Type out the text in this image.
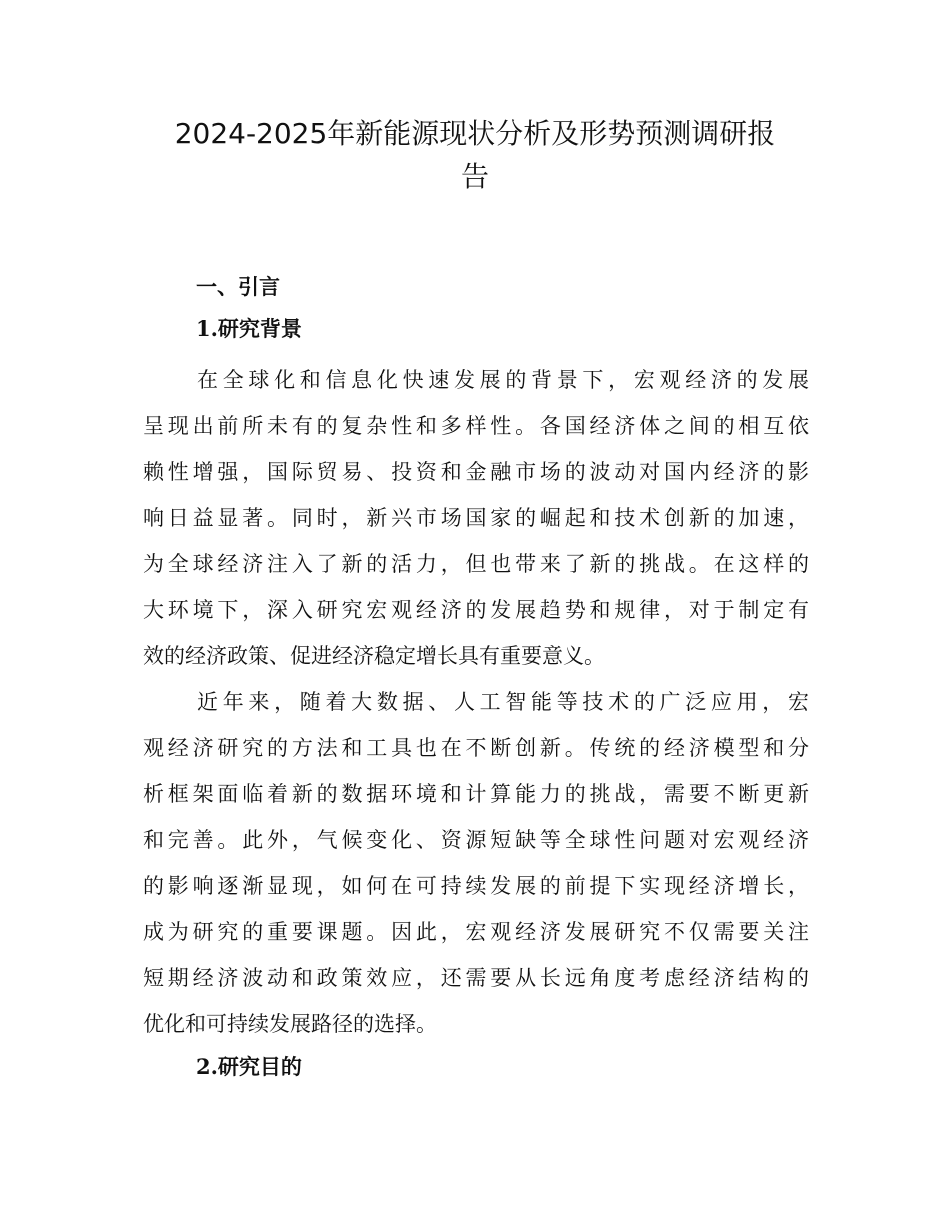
2024-2025年新能源现状分析及形势预测调研报
告
一、引言
1.研究背景
在全球化和信息化快速发展的背景下，宏观经济的发展
呈现出前所未有的复杂性和多样性。各国经济体之间的相互依
赖性增强，国际贸易、投资和金融市场的波动对国内经济的影
响日益显著。同时，新兴市场国家的崛起和技术创新的加速，
为全球经济注入了新的活力，但也带来了新的挑战。在这样的
大环境下，深入研究宏观经济的发展趋势和规律，对于制定有
效的经济政策、促进经济稳定增长具有重要意义。
近年来，随着大数据、人工智能等技术的广泛应用，宏
观经济研究的方法和工具也在不断创新。传统的经济模型和分
析框架面临着新的数据环境和计算能力的挑战，需要不断更新
和完善。此外，气候变化、资源短缺等全球性问题对宏观经济
的影响逐渐显现，如何在可持续发展的前提下实现经济增长，
成为研究的重要课题。因此，宏观经济发展研究不仅需要关注
短期经济波动和政策效应，还需要从长远角度考虑经济结构的
优化和可持续发展路径的选择。
2.研究目的
